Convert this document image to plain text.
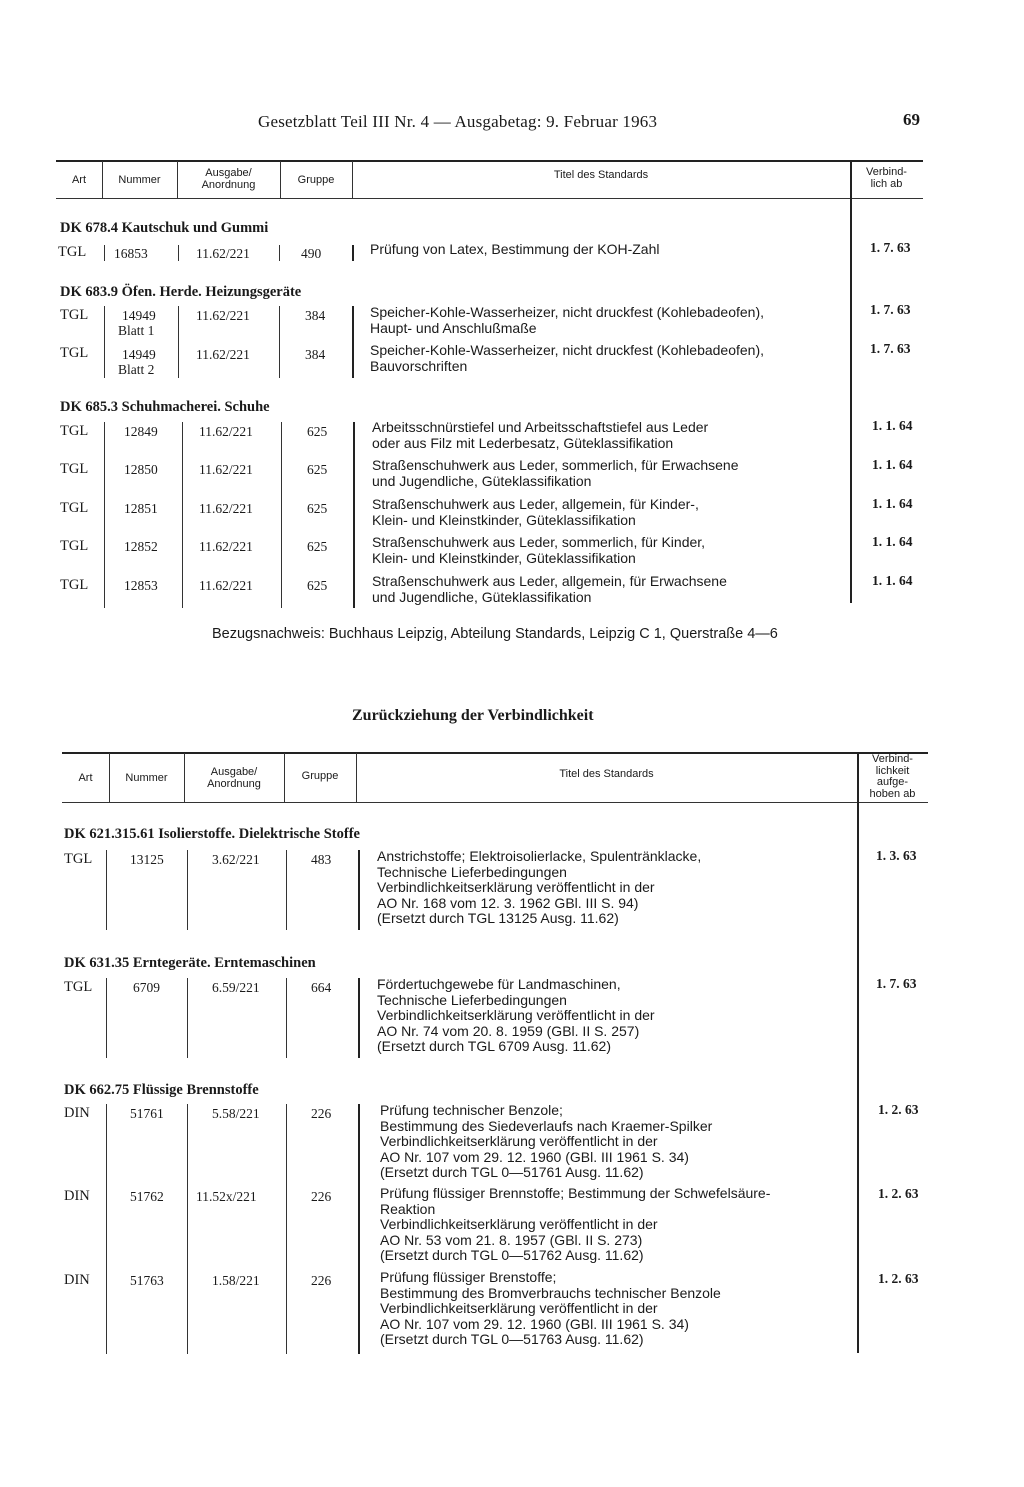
Gesetzblatt Teil III Nr. 4 — Ausgabetag: 9. Februar 1963	69
Art	Nummer
Ausgabe/
Anordnung	Gruppe	Titel des Standards	Verbind-
lich ab
DK 678.4 Kautschuk und Gummi
TGL 16853	11.62/221	490	Prüfung von Latex, Bestimmung der KOH-Zahl	1. 7. 63
DK 683.9 Öfen. Herde. Heizungsgeräte
TGL	14949
Blatt 1
11.62/221	384	Speicher-Kohle-Wasserheizer, nicht druckfest (Kohlebadeofen),
Haupt- und Anschlußmaße
1. 7. 63
TGL	14949
Blatt 2
11.62/221	384	Speicher-Kohle-Wasserheizer, nicht druckfest (Kohlebadeofen),
Bauvorschriften
1. 7. 63
DK 685.3 Schuhmacherei. Schuhe
TGL	12849	11.62/221	625	Arbeitsschnürstiefel und Arbeitsschaftstiefel aus Leder
oder aus Filz mit Lederbesatz, Güteklassifikation
1. 1. 64
TGL	12850	11.62/221	625	Straßenschuhwerk aus Leder, sommerlich, für Erwachsene
und Jugendliche, Güteklassifikation
1. 1. 64
TGL	12851	11.62/221	625	Straßenschuhwerk aus Leder, allgemein, für Kinder-,
Klein- und Kleinstkinder, Güteklassifikation
1. 1. 64
TGL	12852	11.62/221	625	Straßenschuhwerk aus Leder, sommerlich, für Kinder,
Klein- und Kleinstkinder, Güteklassifikation
1. 1. 64
TGL	12853	11.62/221	625	Straßenschuhwerk aus Leder, allgemein, für Erwachsene
und Jugendliche, Güteklassifikation
1. 1. 64
Bezugsnachweis: Buchhaus Leipzig, Abteilung Standards, Leipzig C 1, Querstraße 4—6
Zurückziehung der Verbindlichkeit
Art	Nummer	Ausgabe/
Anordnung
Gruppe	Titel des Standards
Verbind-
lichkeit
aufge-
hoben ab
DK 621.315.61 Isolierstoffe. Dielektrische Stoffe
TGL	13125	3.62/221	483	Anstrichstoffe; Elektroisolierlacke, Spulentränklacke,
Technische Lieferbedingungen
Verbindlichkeitserklärung veröffentlicht in der
AO Nr. 168 vom 12. 3. 1962 GBl. III S. 94)
(Ersetzt durch TGL 13125 Ausg. 11.62)
1. 3. 63
DK 631.35 Erntegeräte. Erntemaschinen
TGL	6709	6.59/221	664	Fördertuchgewebe für Landmaschinen,
Technische Lieferbedingungen
Verbindlichkeitserklärung veröffentlicht in der
AO Nr. 74 vom 20. 8. 1959 (GBl. II S. 257)
(Ersetzt durch TGL 6709 Ausg. 11.62)
1. 7. 63
DK 662.75 Flüssige Brennstoffe
DIN	51761	5.58/221	226	Prüfung technischer Benzole;
Bestimmung des Siedeverlaufs nach Kraemer-Spilker
Verbindlichkeitserklärung veröffentlicht in der
AO Nr. 107 vom 29. 12. 1960 (GBl. III 1961 S. 34)
(Ersetzt durch TGL 0—51761 Ausg. 11.62)
1. 2. 63
DIN	51762 11.52x/221	226	Prüfung flüssiger Brennstoffe; Bestimmung der Schwefelsäure-
Reaktion
Verbindlichkeitserklärung veröffentlicht in der
AO Nr. 53 vom 21. 8. 1957 (GBl. II S. 273)
(Ersetzt durch TGL 0—51762 Ausg. 11.62)
1. 2. 63
DIN	51763	1.58/221	226	Prüfung flüssiger Brenstoffe;
Bestimmung des Bromverbrauchs technischer Benzole
Verbindlichkeitserklärung veröffentlicht in der
AO Nr. 107 vom 29. 12. 1960 (GBl. III 1961 S. 34)
(Ersetzt durch TGL 0—51763 Ausg. 11.62)
1. 2. 63
